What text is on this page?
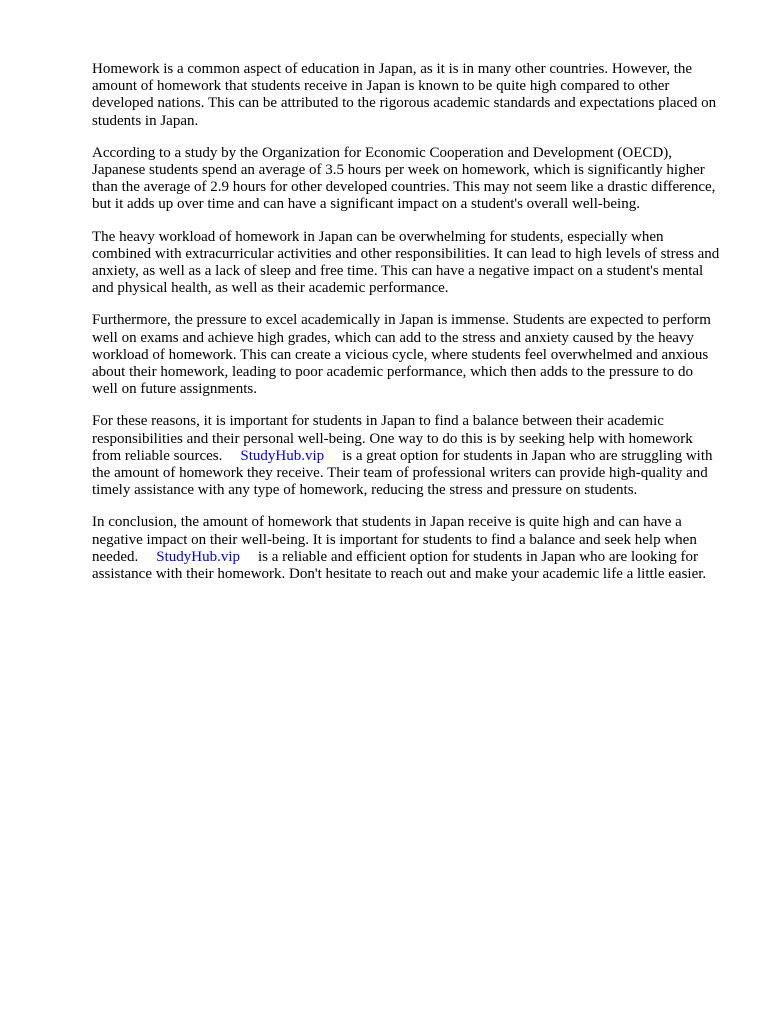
Homework is a common aspect of education in Japan, as it is in many other countries. However, the amount of homework that students receive in Japan is known to be quite high compared to other developed nations. This can be attributed to the rigorous academic standards and expectations placed on students in Japan.

According to a study by the Organization for Economic Cooperation and Development (OECD), Japanese students spend an average of 3.5 hours per week on homework, which is significantly higher than the average of 2.9 hours for other developed countries. This may not seem like a drastic difference, but it adds up over time and can have a significant impact on a student's overall well-being.

The heavy workload of homework in Japan can be overwhelming for students, especially when combined with extracurricular activities and other responsibilities. It can lead to high levels of stress and anxiety, as well as a lack of sleep and free time. This can have a negative impact on a student's mental and physical health, as well as their academic performance.

Furthermore, the pressure to excel academically in Japan is immense. Students are expected to perform well on exams and achieve high grades, which can add to the stress and anxiety caused by the heavy workload of homework. This can create a vicious cycle, where students feel overwhelmed and anxious about their homework, leading to poor academic performance, which then adds to the pressure to do well on future assignments.

For these reasons, it is important for students in Japan to find a balance between their academic responsibilities and their personal well-being. One way to do this is by seeking help with homework from reliable sources. StudyHub.vip is a great option for students in Japan who are struggling with the amount of homework they receive. Their team of professional writers can provide high-quality and timely assistance with any type of homework, reducing the stress and pressure on students.

In conclusion, the amount of homework that students in Japan receive is quite high and can have a negative impact on their well-being. It is important for students to find a balance and seek help when needed. StudyHub.vip is a reliable and efficient option for students in Japan who are looking for assistance with their homework. Don't hesitate to reach out and make your academic life a little easier.
